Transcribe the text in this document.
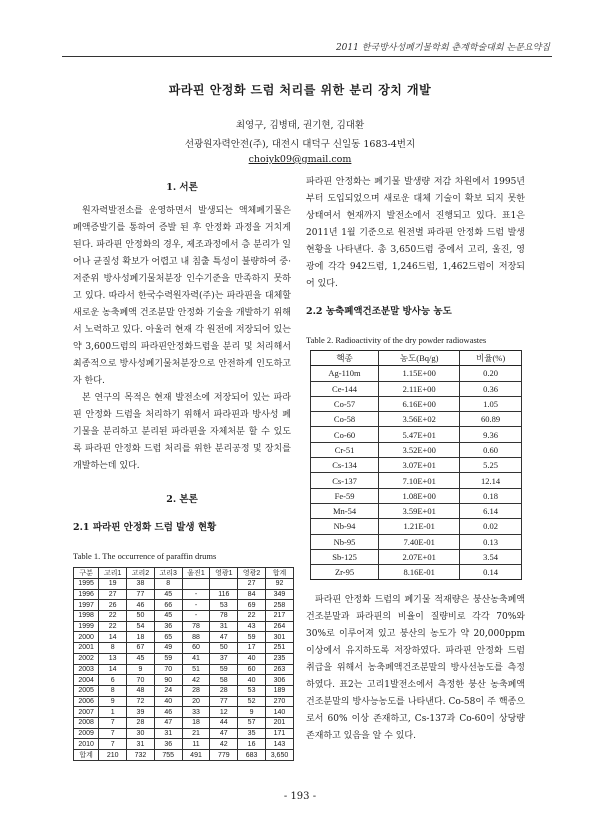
2011 한국방사성폐기물학회 춘계학술대회 논문요약집
파라핀 안정화 드럼 처리를 위한 분리 장치 개발
최영구, 김병태, 권기현, 김대환
선광원자력안전(주), 대전시 대덕구 신일동 1683-4번지
choiyk09@gmail.com
1. 서론

원자력발전소를 운영하면서 발생되는 액체폐기물은 폐액증발기를 통하여 증발 된 후 안정화 과정을 거치게 된다. 파라핀 안정화의 경우, 제조과정에서 층 분리가 일어나 균질성 확보가 어렵고 내 침출 특성이 불량하여 중·저준위 방사성폐기물처분장 인수기준을 만족하지 못하고 있다. 따라서 한국수력원자력(주)는 파라핀을 대체할 새로운 농축폐액 건조분말 안정화 기술을 개발하기 위해서 노력하고 있다. 아울러 현재 각 원전에 저장되어 있는 약 3,600드럼의 파라핀안정화드럼을 분리 및 처리해서 최종적으로 방사성폐기물처분장으로 안전하게 인도하고자 한다.

본 연구의 목적은 현재 발전소에 저장되어 있는 파라핀 안정화 드럼을 처리하기 위해서 파라핀과 방사성 폐기물을 분리하고 분리된 파라핀을 자체처분 할 수 있도록 파라핀 안정화 드럼 처리를 위한 분리공정 및 장치를 개발하는데 있다.

2. 본론
2.1 파라핀 안정화 드럼 발생 현황
Table 1. The occurrence of paraffin drums
구분	고리1	고리2	고리3	울진1	영광1	영광2	합계
1995	19	38	8			27	92
1996	27	77	45	-	116	84	349
1997	26	46	66	-	53	69	258
1998	22	50	45	-	78	22	217
1999	22	54	36	78	31	43	264
2000	14	18	65	88	47	59	301
2001	8	67	49	60	50	17	251
2002	13	45	59	41	37	40	235
2003	14	9	70	51	59	60	263
2004	6	70	90	42	58	40	306
2005	8	48	24	28	28	53	189
2006	9	72	40	20	77	52	270
2007	1	39	46	33	12	9	140
2008	7	28	47	18	44	57	201
2009	7	30	31	21	47	35	171
2010	7	31	36	11	42	16	143
합계	210	732	755	491	779	683	3,650

파라핀 안정화는 폐기물 발생량 저감 차원에서 1995년부터 도입되었으며 새로운 대체 기술이 확보 되지 못한 상태여서 현재까지 발전소에서 진행되고 있다. 표1은 2011년 1월 기준으로 원전별 파라핀 안정화 드럼 발생현황을 나타낸다. 총 3,650드럼 중에서 고리, 울진, 영광에 각각 942드럼, 1,246드럼, 1,462드럼이 저장되어 있다.

2.2 농축폐액건조분말 방사능 농도
Table 2. Radioactivity of the dry powder radiowastes
핵종	농도(Bq/g)	비율(%)
Ag-110m	1.15E+00	0.20
Ce-144	2.11E+00	0.36
Co-57	6.16E+00	1.05
Co-58	3.56E+02	60.89
Co-60	5.47E+01	9.36
Cr-51	3.52E+00	0.60
Cs-134	3.07E+01	5.25
Cs-137	7.10E+01	12.14
Fe-59	1.08E+00	0.18
Mn-54	3.59E+01	6.14
Nb-94	1.21E-01	0.02
Nb-95	7.40E-01	0.13
Sb-125	2.07E+01	3.54
Zr-95	8.16E-01	0.14

파라핀 안정화 드럼의 폐기물 적재량은 붕산농축폐액건조분말과 파라핀의 비율이 질량비로 각각 70%와 30%로 이루어져 있고 붕산의 농도가 약 20,000ppm 이상에서 유지하도록 저장하였다. 파라핀 안정화 드럼 취급을 위해서 농축폐액건조분말의 방사선농도를 측정하였다. 표2는 고리1발전소에서 측정한 붕산 농축폐액 건조분말의 방사능농도를 나타낸다. Co-58이 주 핵종으로서 60% 이상 존재하고, Cs-137과 Co-60이 상당량 존재하고 있음을 알 수 있다.

- 193 -
